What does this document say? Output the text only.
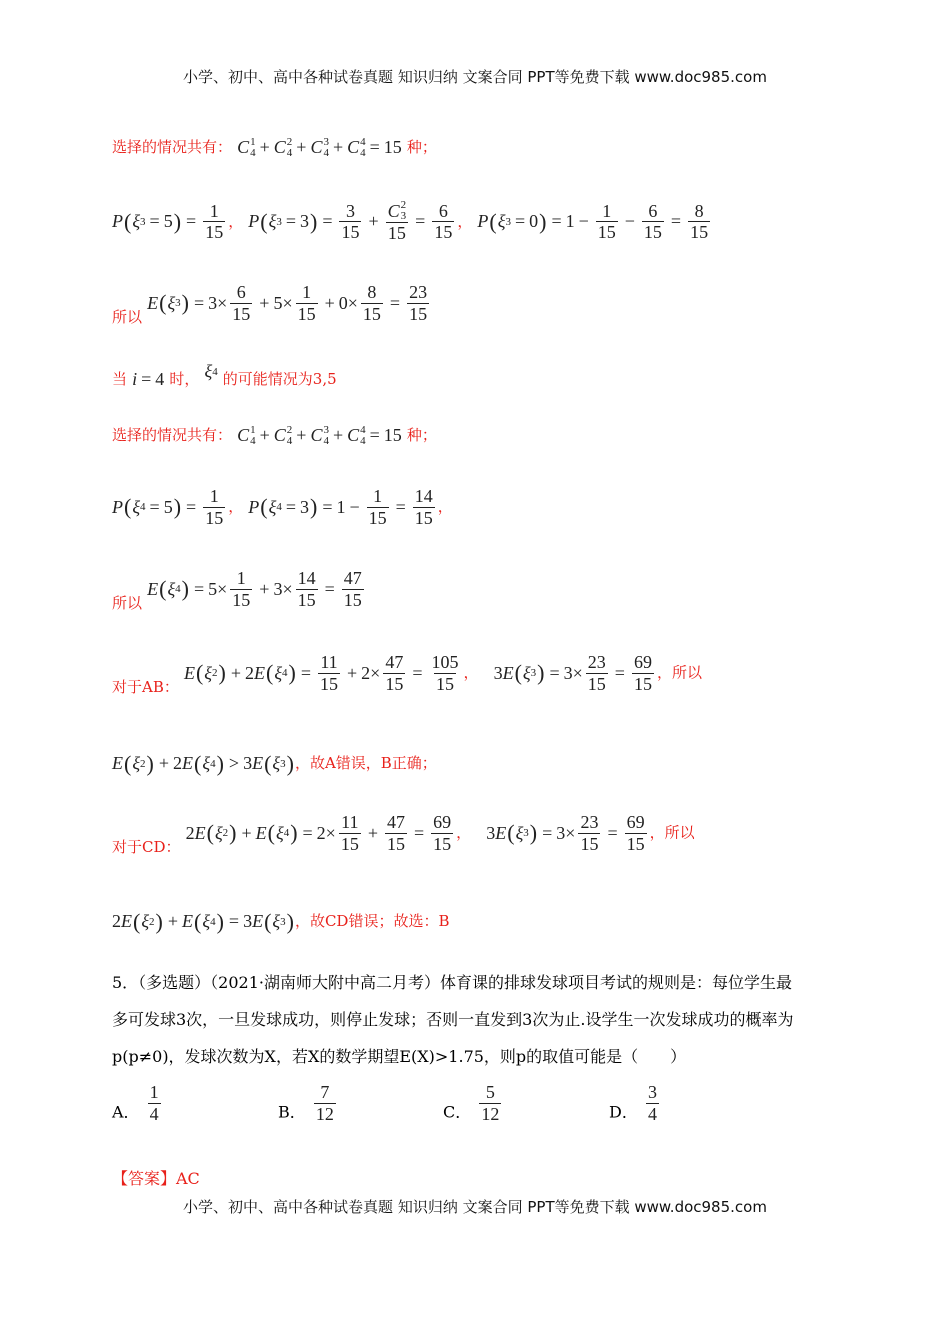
小学、初中、高中各种试卷真题 知识归纳 文案合同 PPT等免费下载 www.doc985.com
选择的情况共有： C 1
4 + C 2
4 + C 3
4 + C 4
4 = 15 种；
P ( ξ 3 = 5 ) = $\frac{1}{15}$ ， P ( ξ 3 = 3 ) = $\frac{3}{15} + C$ 2
3
$15 = \frac{6}{15}$ ， P ( ξ 3 = 0 ) = $1 - \frac{1}{15} - \frac{6}{15} = \frac{8}{15}$
所以
E ( ξ 3 ) = $3\times \frac{6}{15} + 5\times \frac{1}{15} + 0\times \frac{8}{15} = \frac{23}{15}$
当 i = 4 时， ξ 4 的可能情况为3,5
选择的情况共有： C 1
4 + C 2
4 + C 3
4 + C 4
4 = 15 种；
P ( ξ 4 = 5 ) = $\frac{1}{15}$ ， P ( ξ 4 = 3 ) = $1 - \frac{1}{15} = \frac{14}{15}$ ，
所以
E ( ξ 4 ) = $5\times \frac{1}{15} + 3\times \frac{14}{15} = \frac{47}{15}$
对于AB：
E ( ξ 2 ) + 2 E ( ξ 4 ) = $\frac{11}{15} + 2\times \frac{47}{15} = \frac{105}{15}$ ， 3 E ( ξ 3 ) = $3\times \frac{23}{15} = \frac{69}{15}$ ，所以
E ( ξ 2 ) + 2 E ( ξ 4 ) > 3 E ( ξ 3 ) ，故A错误，B正确；
对于CD： 2 E ( ξ 2 ) + E ( ξ 4 ) = $2\times \frac{11}{15} + \frac{47}{15} = \frac{69}{15}$ ， 3 E ( ξ 3 ) = $3\times \frac{23}{15} = \frac{69}{15}$ ，所以
2 E ( ξ 2 ) + E ( ξ 4 ) = 3 E ( ξ 3 ) ，故CD错误；故选：B
5．（多选题）（2021·湖南师大附中高二月考）体育课的排球发球项目考试的规则是：每位学生最
多可发球3次，一旦发球成功，则停止发球；否则一直发到3次为止.设学生一次发球成功的概率为
p(p≠0)，发球次数为X，若X的数学期望E(X)>1.75，则p的取值可能是（　　）
A． $\frac{1}{4}$	B． $\frac{7}{12}$	C． $\frac{5}{12}$	D． $\frac{3}{4}$
【答案】AC
小学、初中、高中各种试卷真题 知识归纳 文案合同 PPT等免费下载 www.doc985.com
